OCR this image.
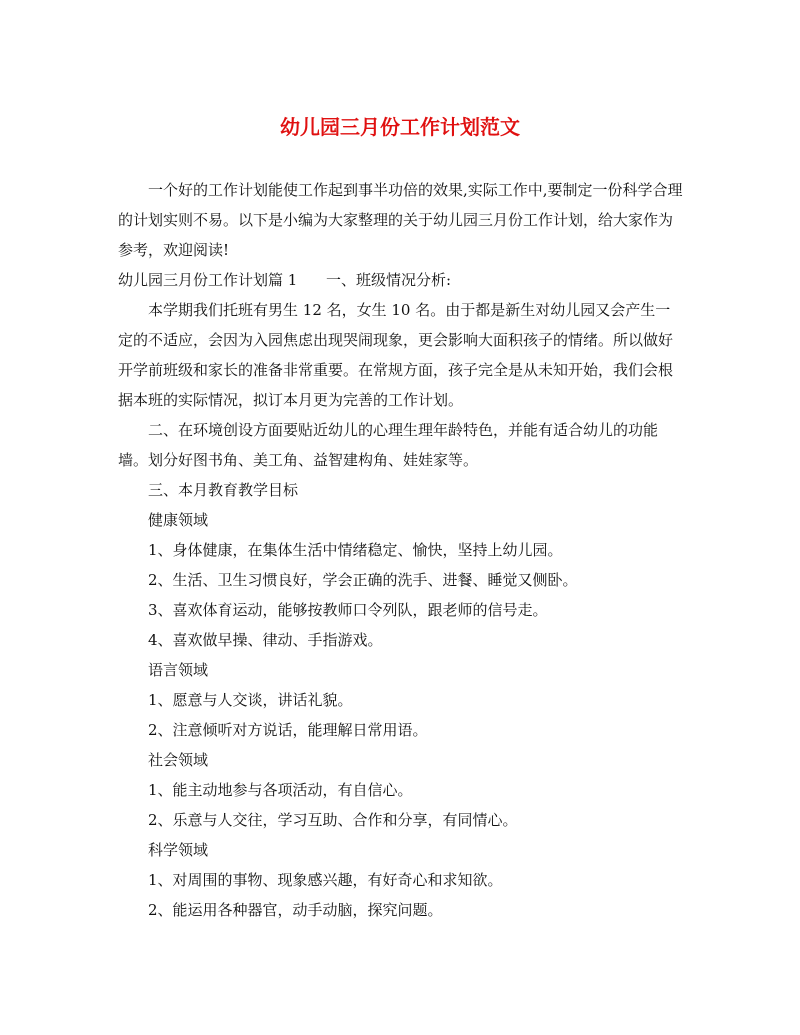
幼儿园三月份工作计划范文

一个好的工作计划能使工作起到事半功倍的效果,实际工作中,要制定一份科学合理的计划实则不易。以下是小编为大家整理的关于幼儿园三月份工作计划，给大家作为参考，欢迎阅读!

幼儿园三月份工作计划篇 1 一、班级情况分析:

本学期我们托班有男生 12 名，女生 10 名。由于都是新生对幼儿园又会产生一定的不适应，会因为入园焦虑出现哭闹现象，更会影响大面积孩子的情绪。所以做好开学前班级和家长的准备非常重要。在常规方面，孩子完全是从未知开始，我们会根据本班的实际情况，拟订本月更为完善的工作计划。

二、在环境创设方面要贴近幼儿的心理生理年龄特色，并能有适合幼儿的功能墙。划分好图书角、美工角、益智建构角、娃娃家等。

三、本月教育教学目标

健康领域

1、身体健康，在集体生活中情绪稳定、愉快，坚持上幼儿园。

2、生活、卫生习惯良好，学会正确的洗手、进餐、睡觉又侧卧。

3、喜欢体育运动，能够按教师口令列队，跟老师的信号走。

4、喜欢做早操、律动、手指游戏。

语言领域

1、愿意与人交谈，讲话礼貌。

2、注意倾听对方说话，能理解日常用语。

社会领域

1、能主动地参与各项活动，有自信心。

2、乐意与人交往，学习互助、合作和分享，有同情心。

科学领域

1、对周围的事物、现象感兴趣，有好奇心和求知欲。

2、能运用各种器官，动手动脑，探究问题。
